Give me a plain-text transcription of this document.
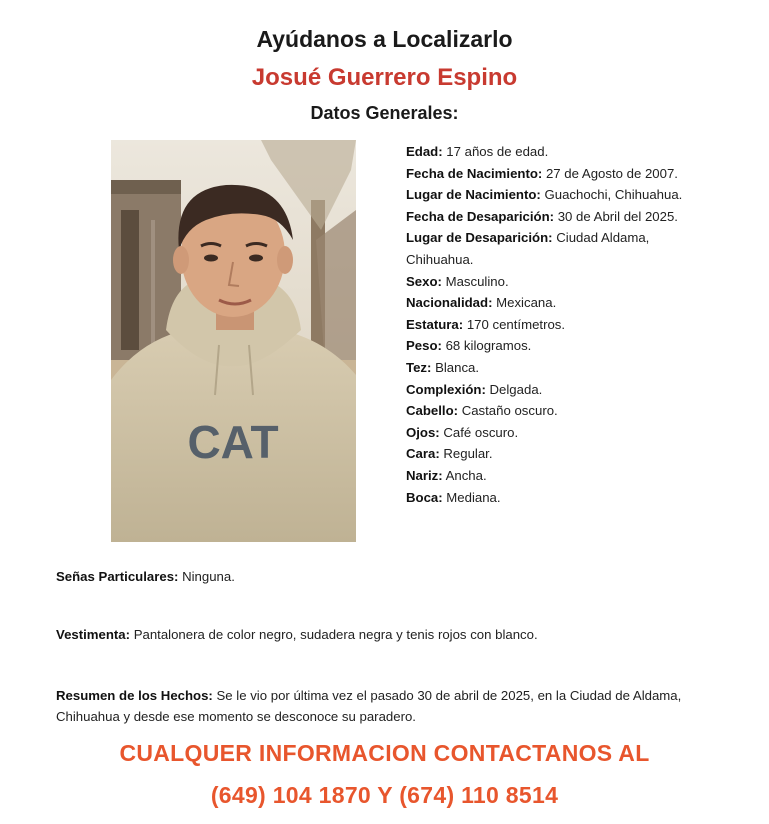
Ayúdanos a Localizarlo
Josué Guerrero Espino
Datos Generales:
CAT
Edad: 17 años de edad.
Fecha de Nacimiento: 27 de Agosto de 2007.
Lugar de Nacimiento: Guachochi, Chihuahua.
Fecha de Desaparición: 30 de Abril del 2025.
Lugar de Desaparición: Ciudad Aldama,
Chihuahua.
Sexo: Masculino.
Nacionalidad: Mexicana.
Estatura: 170 centímetros.
Peso: 68 kilogramos.
Tez: Blanca.
Complexión: Delgada.
Cabello: Castaño oscuro.
Ojos: Café oscuro.
Cara: Regular.
Nariz: Ancha.
Boca: Mediana.
Señas Particulares: Ninguna.
Vestimenta: Pantalonera de color negro, sudadera negra y tenis rojos con blanco.
Resumen de los Hechos: Se le vio por última vez el pasado 30 de abril de 2025, en la Ciudad de Aldama,
Chihuahua y desde ese momento se desconoce su paradero.
CUALQUER INFORMACION CONTACTANOS AL
(649) 104 1870 Y (674) 110 8514
